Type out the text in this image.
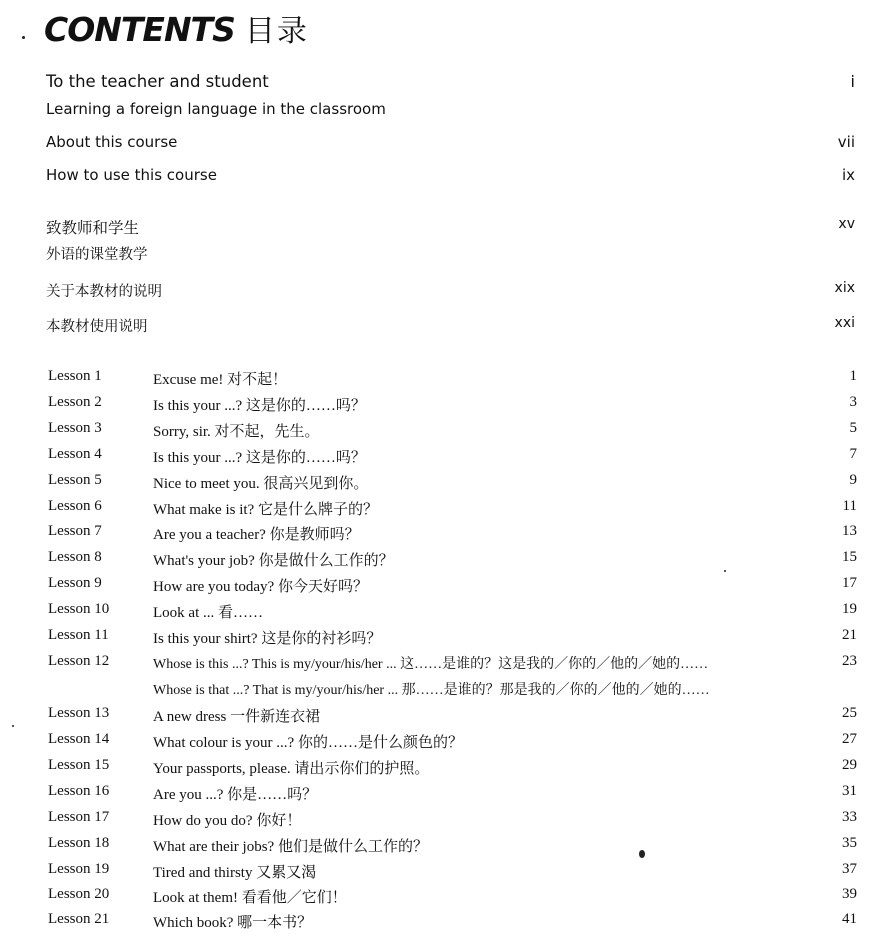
CONTENTS 目录
To the teacher and student	i
Learning a foreign language in the classroom
About this course	vii
How to use this course	ix
致教师和学生	xv
外语的课堂教学
关于本教材的说明	xix
本教材使用说明	xxi
Lesson 1	Excuse me! 对不起！	1
Lesson 2	Is this your ...? 这是你的……吗？	3
Lesson 3	Sorry, sir. 对不起，先生。	5
Lesson 4	Is this your ...? 这是你的……吗？	7
Lesson 5	Nice to meet you. 很高兴见到你。	9
Lesson 6	What make is it? 它是什么牌子的？	11
Lesson 7	Are you a teacher? 你是教师吗？	13
Lesson 8	What's your job? 你是做什么工作的？	15
Lesson 9	How are you today? 你今天好吗？	17
Lesson 10	Look at ... 看……	19
Lesson 11	Is this your shirt? 这是你的衬衫吗？	21
Lesson 12	Whose is this ...? This is my/your/his/her ... 这……是谁的？这是我的／你的／他的／她的……	23
Whose is that ...? That is my/your/his/her ... 那……是谁的？那是我的／你的／他的／她的……
Lesson 13	A new dress 一件新连衣裙	25
Lesson 14	What colour is your ...? 你的……是什么颜色的？	27
Lesson 15	Your passports, please. 请出示你们的护照。	29
Lesson 16	Are you ...? 你是……吗？	31
Lesson 17	How do you do? 你好！	33
Lesson 18	What are their jobs? 他们是做什么工作的？	35
Lesson 19	Tired and thirsty 又累又渴	37
Lesson 20	Look at them! 看看他／它们！	39
Lesson 21	Which book? 哪一本书？	41
